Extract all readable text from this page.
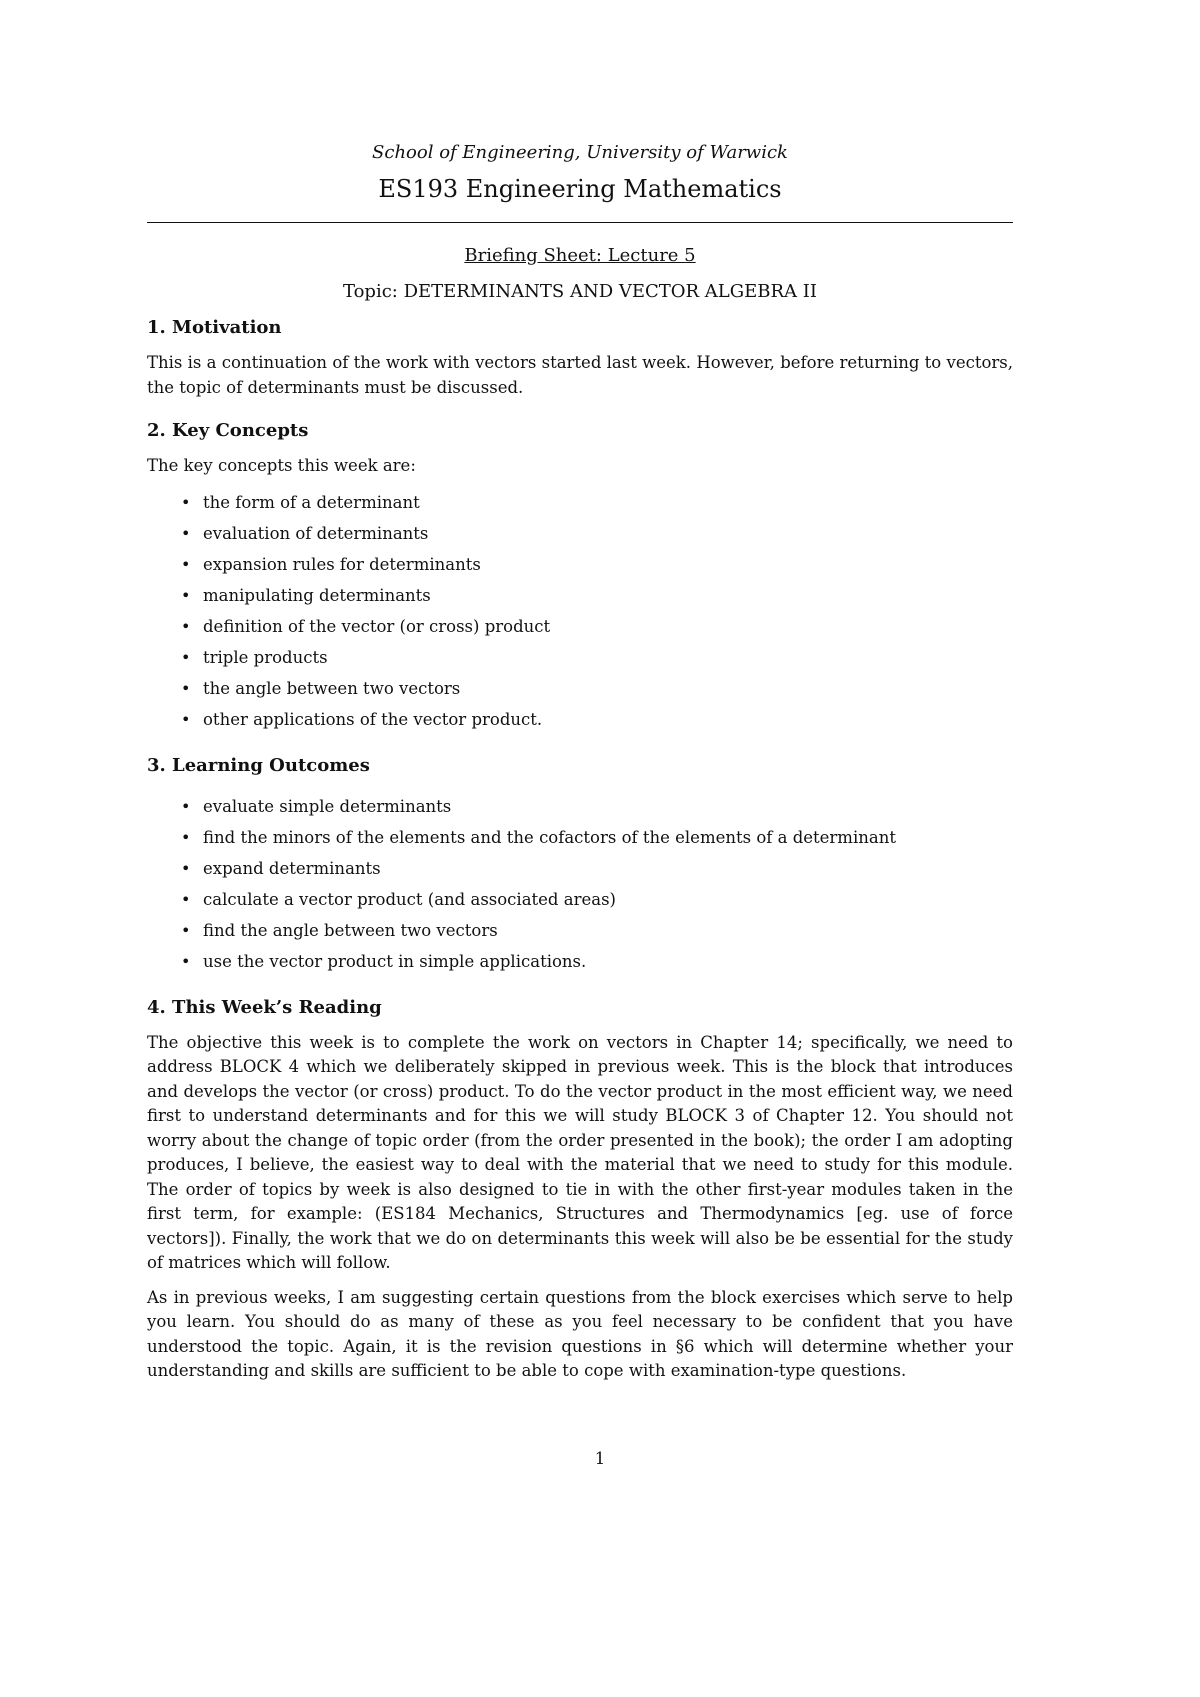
School of Engineering, University of Warwick

ES193 Engineering Mathematics

Briefing Sheet: Lecture 5

Topic: DETERMINANTS AND VECTOR ALGEBRA II

1. Motivation

This is a continuation of the work with vectors started last week. However, before returning to vectors, the topic of determinants must be discussed.

2. Key Concepts

The key concepts this week are:

• the form of a determinant
• evaluation of determinants
• expansion rules for determinants
• manipulating determinants
• definition of the vector (or cross) product
• triple products
• the angle between two vectors
• other applications of the vector product.
3. Learning Outcomes
• evaluate simple determinants
• find the minors of the elements and the cofactors of the elements of a determinant
• expand determinants
• calculate a vector product (and associated areas)
• find the angle between two vectors
• use the vector product in simple applications.
4. This Week’s Reading

The objective this week is to complete the work on vectors in Chapter 14; specifically, we need to address BLOCK 4 which we deliberately skipped in previous week. This is the block that introduces and develops the vector (or cross) product. To do the vector product in the most efficient way, we need first to understand determinants and for this we will study BLOCK 3 of Chapter 12. You should not worry about the change of topic order (from the order presented in the book); the order I am adopting produces, I believe, the easiest way to deal with the material that we need to study for this module. The order of topics by week is also designed to tie in with the other first-year modules taken in the first term, for example: (ES184 Mechanics, Structures and Thermodynamics [eg. use of force vectors]). Finally, the work that we do on determinants this week will also be be essential for the study of matrices which will follow.

As in previous weeks, I am suggesting certain questions from the block exercises which serve to help you learn. You should do as many of these as you feel necessary to be confident that you have understood the topic. Again, it is the revision questions in §6 which will determine whether your understanding and skills are sufficient to be able to cope with examination-type questions.

1
